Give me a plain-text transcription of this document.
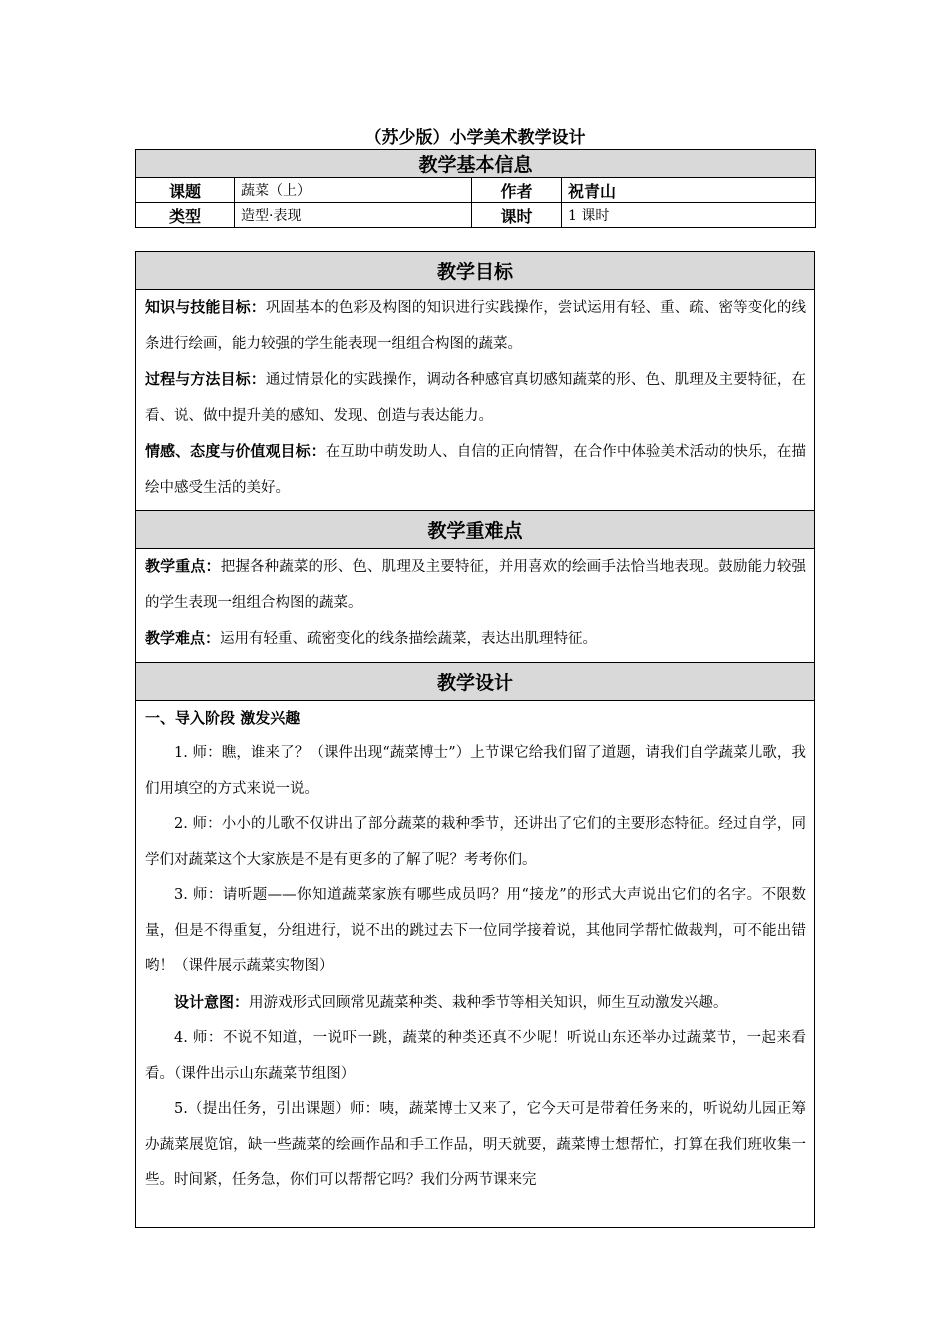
（苏少版）小学美术教学设计
教学基本信息			
课题	蔬菜（上）	作者	祝青山
类型	造型·表现	课时	1 课时
教学目标

知识与技能目标：巩固基本的色彩及构图的知识进行实践操作，尝试运用有轻、重、疏、密等变化的线条进行绘画，能力较强的学生能表现一组组合构图的蔬菜。

过程与方法目标：通过情景化的实践操作，调动各种感官真切感知蔬菜的形、色、肌理及主要特征，在看、说、做中提升美的感知、发现、创造与表达能力。

情感、态度与价值观目标：在互助中萌发助人、自信的正向情智，在合作中体验美术活动的快乐，在描绘中感受生活的美好。

教学重难点

教学重点：把握各种蔬菜的形、色、肌理及主要特征，并用喜欢的绘画手法恰当地表现。鼓励能力较强的学生表现一组组合构图的蔬菜。

教学难点：运用有轻重、疏密变化的线条描绘蔬菜，表达出肌理特征。

教学设计

一、导入阶段 激发兴趣

1. 师：瞧，谁来了？（课件出现“蔬菜博士”）上节课它给我们留了道题，请我们自学蔬菜儿歌，我们用填空的方式来说一说。

2. 师：小小的儿歌不仅讲出了部分蔬菜的栽种季节，还讲出了它们的主要形态特征。经过自学，同学们对蔬菜这个大家族是不是有更多的了解了呢？考考你们。

3. 师：请听题——你知道蔬菜家族有哪些成员吗？用“接龙”的形式大声说出它们的名字。不限数量，但是不得重复，分组进行，说不出的跳过去下一位同学接着说，其他同学帮忙做裁判，可不能出错哟！（课件展示蔬菜实物图）

设计意图：用游戏形式回顾常见蔬菜种类、栽种季节等相关知识，师生互动激发兴趣。

4. 师：不说不知道，一说吓一跳，蔬菜的种类还真不少呢！听说山东还举办过蔬菜节，一起来看看。（课件出示山东蔬菜节组图）

5.（提出任务，引出课题）师：咦，蔬菜博士又来了，它今天可是带着任务来的，听说幼儿园正筹办蔬菜展览馆，缺一些蔬菜的绘画作品和手工作品，明天就要，蔬菜博士想帮忙，打算在我们班收集一些。时间紧，任务急，你们可以帮帮它吗？我们分两节课来完
